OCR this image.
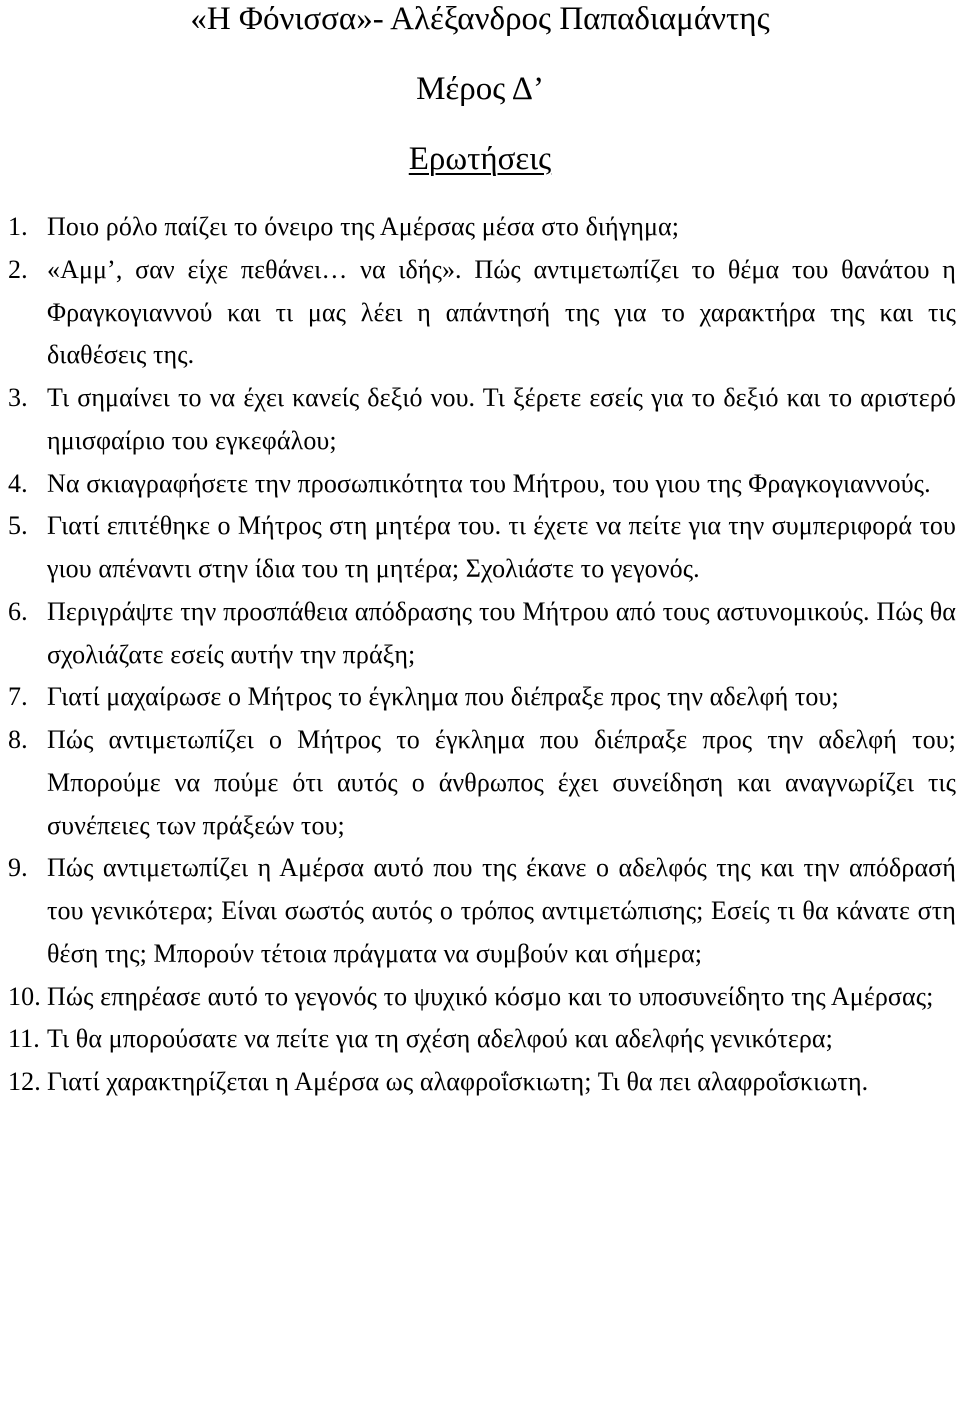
«Η Φόνισσα»- Αλέξανδρος Παπαδιαμάντης
Μέρος Δ’
Ερωτήσεις
1. Ποιο ρόλο παίζει το όνειρο της Αμέρσας μέσα στο διήγημα;
2. «Αμμ’, σαν είχε πεθάνει… να ιδής». Πώς αντιμετωπίζει το θέμα του θανάτου η Φραγκογιαννού και τι μας λέει η απάντησή της για το χαρακτήρα της και τις διαθέσεις της.
3. Τι σημαίνει το να έχει κανείς δεξιό νου. Τι ξέρετε εσείς για το δεξιό και το αριστερό ημισφαίριο του εγκεφάλου;
4. Να σκιαγραφήσετε την προσωπικότητα του Μήτρου, του γιου της Φραγκογιαννούς.
5. Γιατί επιτέθηκε ο Μήτρος στη μητέρα του. τι έχετε να πείτε για την συμπεριφορά του γιου απέναντι στην ίδια του τη μητέρα; Σχολιάστε το γεγονός.
6. Περιγράψτε την προσπάθεια απόδρασης του Μήτρου από τους αστυνομικούς. Πώς θα σχολιάζατε εσείς αυτήν την πράξη;
7. Γιατί μαχαίρωσε ο Μήτρος το έγκλημα που διέπραξε προς την αδελφή του;
8. Πώς αντιμετωπίζει ο Μήτρος το έγκλημα που διέπραξε προς την αδελφή του; Μπορούμε να πούμε ότι αυτός ο άνθρωπος έχει συνείδηση και αναγνωρίζει τις συνέπειες των πράξεών του;
9. Πώς αντιμετωπίζει η Αμέρσα αυτό που της έκανε ο αδελφός της και την απόδρασή του γενικότερα; Είναι σωστός αυτός ο τρόπος αντιμετώπισης; Εσείς τι θα κάνατε στη θέση της; Μπορούν τέτοια πράγματα να συμβούν και σήμερα;
10. Πώς επηρέασε αυτό το γεγονός το ψυχικό κόσμο και το υποσυνείδητο της Αμέρσας;
11. Τι θα μπορούσατε να πείτε για τη σχέση αδελφού και αδελφής γενικότερα;
12. Γιατί χαρακτηρίζεται η Αμέρσα ως αλαφροΐσκιωτη; Τι θα πει αλαφροΐσκιωτη.
